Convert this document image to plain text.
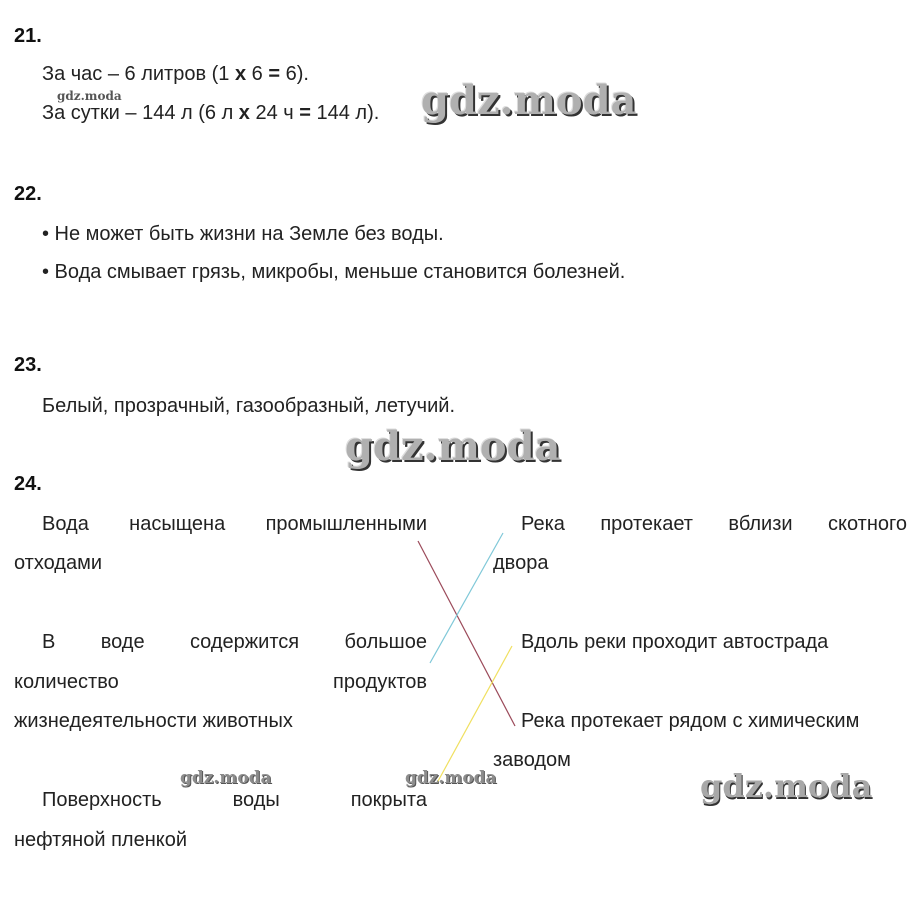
21.
За час – 6 литров (1 x 6 = 6).
За сутки – 144 л (6 л x 24 ч = 144 л).
22.
• Не может быть жизни на Земле без воды.
• Вода смывает грязь, микробы, меньше становится болезней.
23.
Белый, прозрачный, газообразный, летучий.
24.
Вода насыщена промышленными
отходами
В воде содержится большое
количество	продуктов
жизнедеятельности животных
Поверхность	воды	покрыта
нефтяной пленкой
Река протекает вблизи скотного
двора
Вдоль реки проходит автострада
Река протекает рядом с химическим
заводом
gdz.moda	gdz.moda
gdz.moda
gdz.moda	gdz.moda	gdz.moda
